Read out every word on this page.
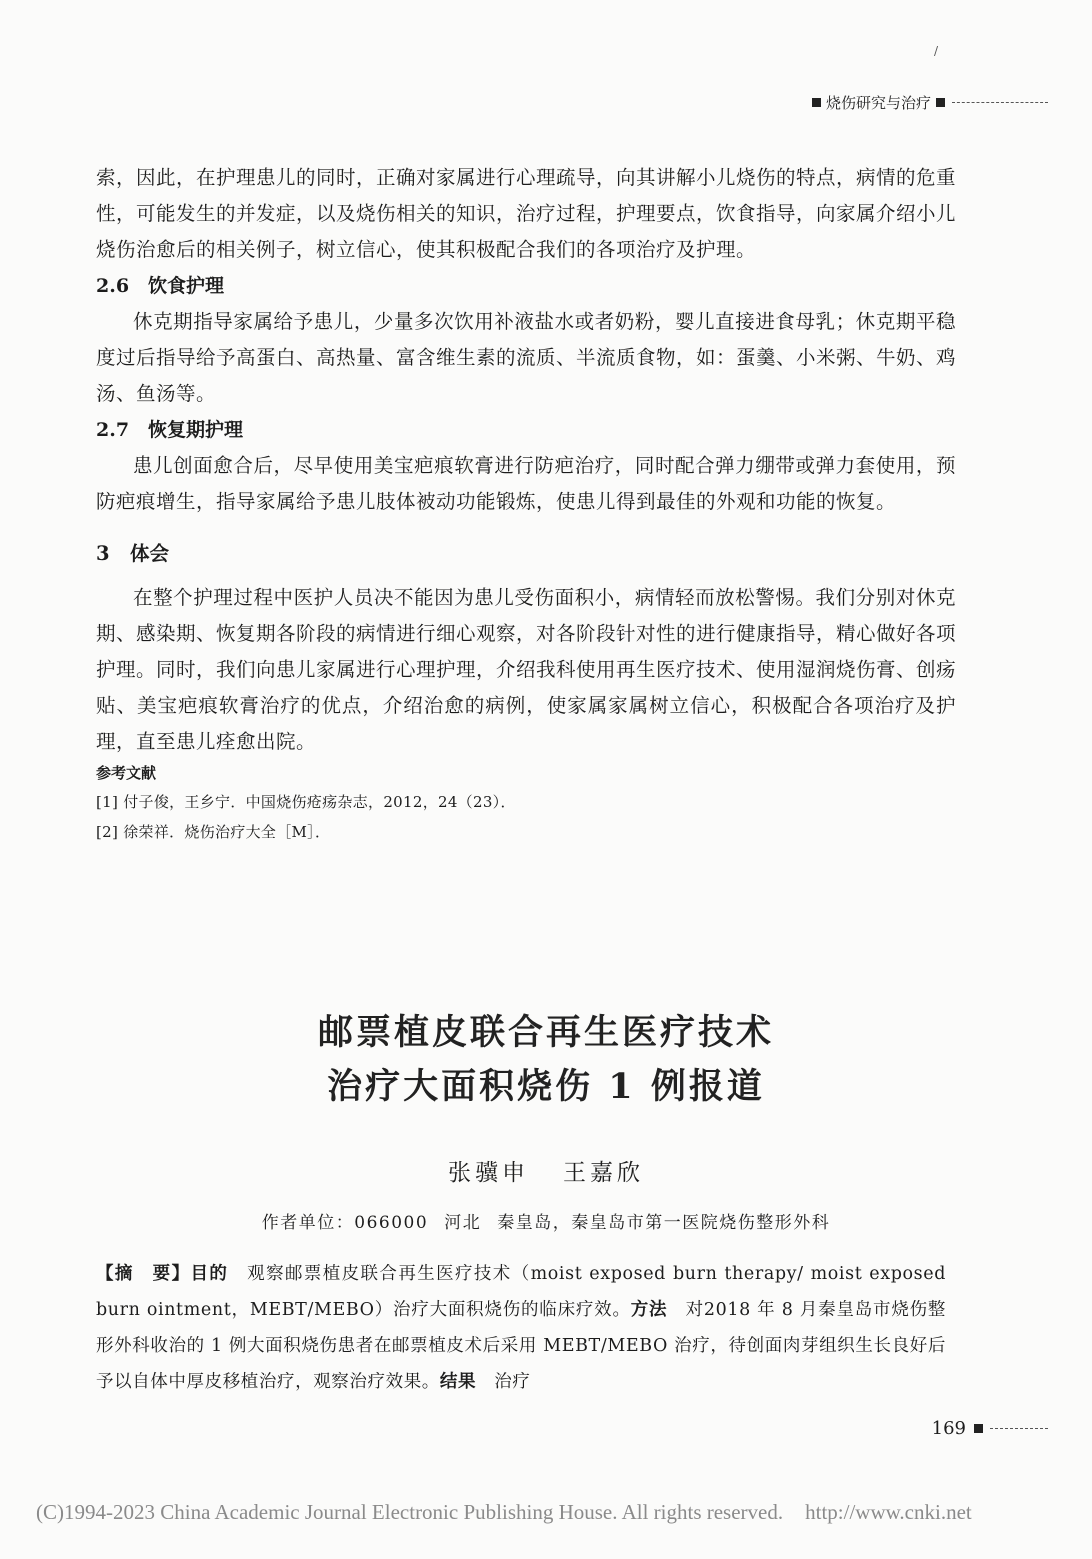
/
烧伤研究与治疗

索，因此，在护理患儿的同时，正确对家属进行心理疏导，向其讲解小儿烧伤的特点，病情的危重性，可能发生的并发症，以及烧伤相关的知识，治疗过程，护理要点，饮食指导，向家属介绍小儿烧伤治愈后的相关例子，树立信心，使其积极配合我们的各项治疗及护理。

2.6 饮食护理

休克期指导家属给予患儿，少量多次饮用补液盐水或者奶粉，婴儿直接进食母乳；休克期平稳度过后指导给予高蛋白、高热量、富含维生素的流质、半流质食物，如：蛋羹、小米粥、牛奶、鸡汤、鱼汤等。

2.7 恢复期护理

患儿创面愈合后，尽早使用美宝疤痕软膏进行防疤治疗，同时配合弹力绷带或弹力套使用，预防疤痕增生，指导家属给予患儿肢体被动功能锻炼，使患儿得到最佳的外观和功能的恢复。

3 体会

在整个护理过程中医护人员决不能因为患儿受伤面积小，病情轻而放松警惕。我们分别对休克期、感染期、恢复期各阶段的病情进行细心观察，对各阶段针对性的进行健康指导，精心做好各项护理。同时，我们向患儿家属进行心理护理，介绍我科使用再生医疗技术、使用湿润烧伤膏、创疡贴、美宝疤痕软膏治疗的优点，介绍治愈的病例，使家属家属树立信心，积极配合各项治疗及护理，直至患儿痊愈出院。

参考文献
[1] 付子俊，王乡宁．中国烧伤疮疡杂志，2012，24（23）．
[2] 徐荣祥．烧伤治疗大全［M］．
邮票植皮联合再生医疗技术
治疗大面积烧伤 1 例报道
张骥申 王嘉欣
作者单位：066000 河北 秦皇岛，秦皇岛市第一医院烧伤整形外科
【摘　要】目的　 观察邮票植皮联合再生医疗技术（moist exposed burn therapy/ moist exposed burn ointment，MEBT/MEBO）治疗大面积烧伤的临床疗效。方法　 对2018 年 8 月秦皇岛市烧伤整形外科收治的 1 例大面积烧伤患者在邮票植皮术后采用 MEBT/MEBO 治疗，待创面肉芽组织生长良好后予以自体中厚皮移植治疗，观察治疗效果。结果　 治疗
169
(C)1994-2023 China Academic Journal Electronic Publishing House. All rights reserved. http://www.cnki.net
